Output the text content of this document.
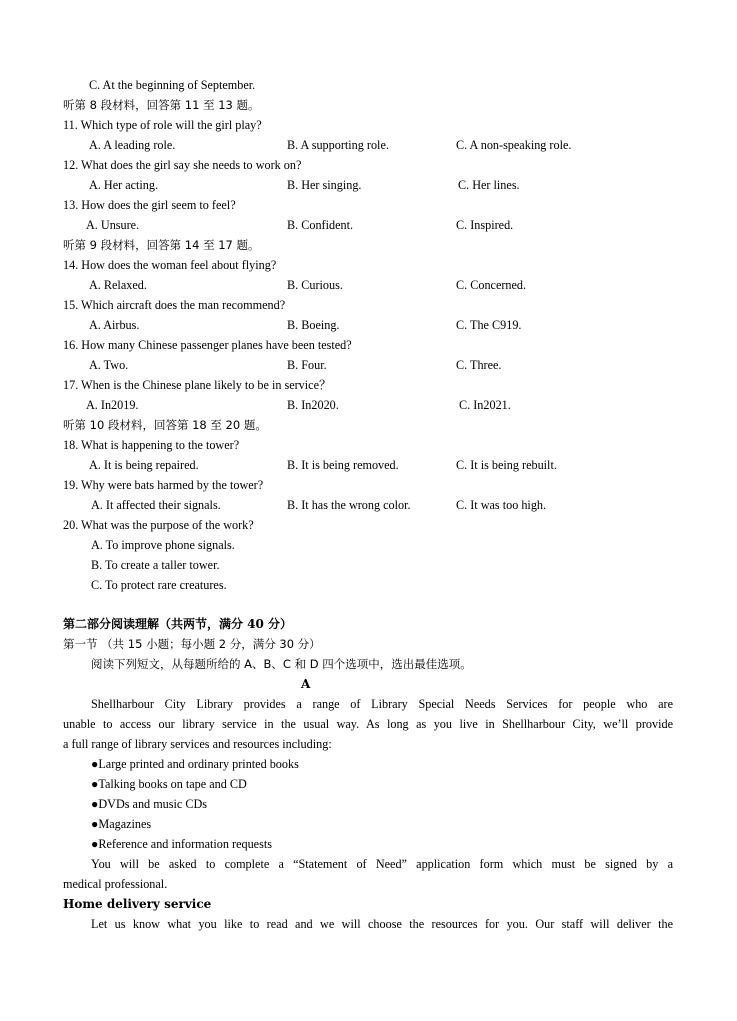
C. At the beginning of September.
听第 8 段材料，回答第 11 至 13 题。
11. Which type of role will the girl play?
A. A leading role.	B. A supporting role.	C. A non-speaking role.
12. What does the girl say she needs to work on?
A. Her acting.	B. Her singing.	C. Her lines.
13. How does the girl seem to feel?
A. Unsure.	B. Confident.	C. Inspired.
听第 9 段材料，回答第 14 至 17 题。
14. How does the woman feel about flying?
A. Relaxed.	B. Curious.	C. Concerned.
15. Which aircraft does the man recommend?
A. Airbus.	B. Boeing.	C. The C919.
16. How many Chinese passenger planes have been tested?
A. Two.	B. Four.	C. Three.
17. When is the Chinese plane likely to be in service？
A. In2019.	B. In2020.	C. In2021.
听第 10 段材料，回答第 18 至 20 题。
18. What is happening to the tower?
A. It is being repaired.	B. It is being removed.	C. It is being rebuilt.
19. Why were bats harmed by the tower?
A. It affected their signals.	B. It has the wrong color.	C. It was too high.
20. What was the purpose of the work?
A. To improve phone signals.
B. To create a taller tower.
C. To protect rare creatures.
第二部分阅读理解（共两节，满分 40 分）
第一节 （共 15 小题；每小题 2 分，满分 30 分）
阅读下列短文，从每题所给的 A、B、C 和 D 四个选项中，选出最佳选项。
A
Shellharbour City Library provides a range of Library Special Needs Services for people who are
unable to access our library service in the usual way. As long as you live in Shellharbour City, we’ll provide
a full range of library services and resources including:
●Large printed and ordinary printed books
●Talking books on tape and CD
●DVDs and music CDs
●Magazines
●Reference and information requests
You will be asked to complete a “Statement of Need” application form which must be signed by a
medical professional.
Home delivery service
Let us know what you like to read and we will choose the resources for you. Our staff will deliver the
